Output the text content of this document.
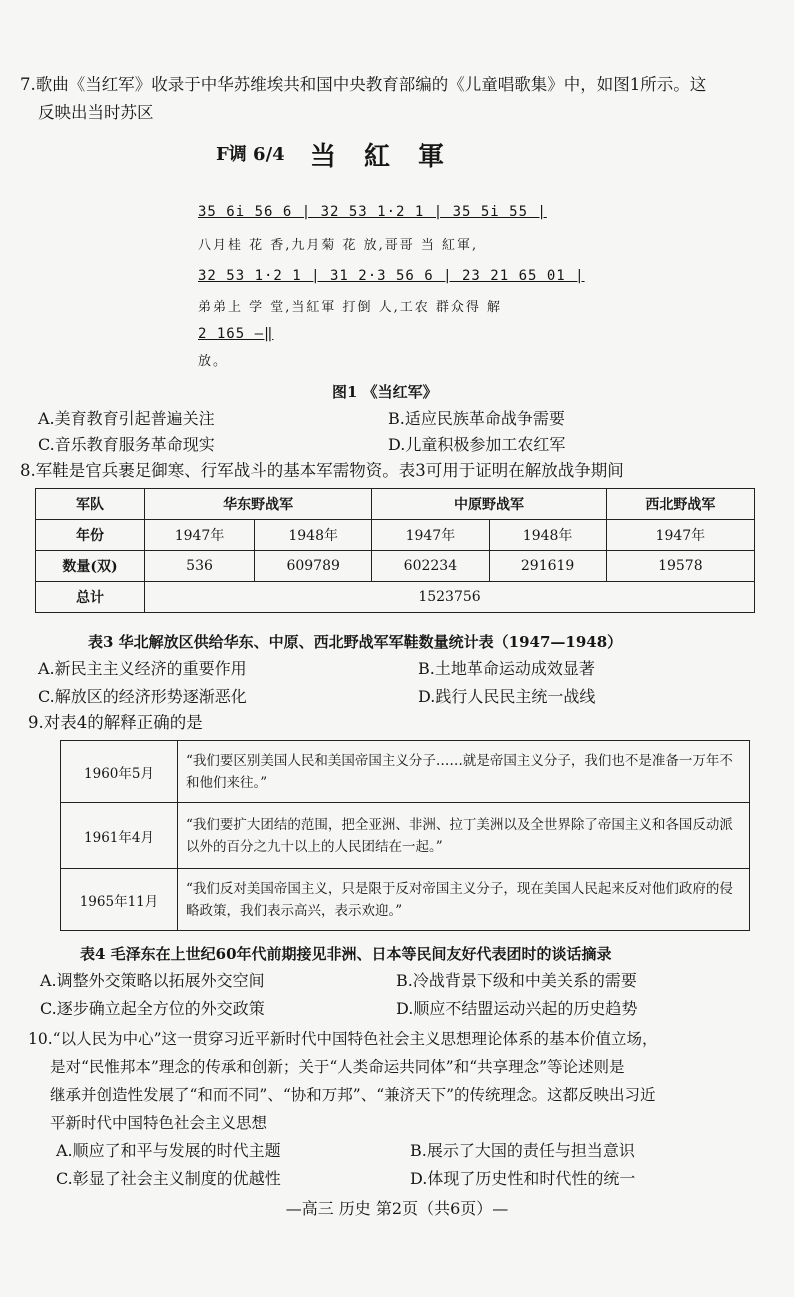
7.歌曲《当红军》收录于中华苏维埃共和国中央教育部编的《儿童唱歌集》中，如图1所示。这
反映出当时苏区
F调 6/4 当紅軍
35 6i 56 6 | 32 53 1·2 1 | 35 5i 55 |
八月桂 花 香,九月菊 花 放,哥哥 当 紅軍,
32 53 1·2 1 | 31 2·3 56 6 | 23 21 65 01 |
弟弟上 学 堂,当紅軍 打倒 人,工农 群众得 解
2 165 —‖
放。
图1 《当红军》
A.美育教育引起普遍关注	B.适应民族革命战争需要
C.音乐教育服务革命现实	D.儿童积极参加工农红军
8.军鞋是官兵裹足御寒、行军战斗的基本军需物资。表3可用于证明在解放战争期间
军队	华东野战军		中原野战军		西北野战军
年份	1947年	1948年	1947年	1948年	1947年
数量(双)	536	609789	602234	291619	19578
总计	1523756				
表3 华北解放区供给华东、中原、西北野战军军鞋数量统计表（1947—1948）
A.新民主主义经济的重要作用	B.土地革命运动成效显著
C.解放区的经济形势逐渐恶化	D.践行人民民主统一战线
9.对表4的解释正确的是
1960年5月	“我们要区别美国人民和美国帝国主义分子……就是帝国主义分子，我们也不是准备一万年不和他们来往。”
1961年4月	“我们要扩大团结的范围，把全亚洲、非洲、拉丁美洲以及全世界除了帝国主义和各国反动派以外的百分之九十以上的人民团结在一起。”
1965年11月	“我们反对美国帝国主义，只是限于反对帝国主义分子，现在美国人民起来反对他们政府的侵略政策，我们表示高兴，表示欢迎。”
表4 毛泽东在上世纪60年代前期接见非洲、日本等民间友好代表团时的谈话摘录
A.调整外交策略以拓展外交空间	B.冷战背景下级和中美关系的需要
C.逐步确立起全方位的外交政策	D.顺应不结盟运动兴起的历史趋势
10.“以人民为中心”这一贯穿习近平新时代中国特色社会主义思想理论体系的基本价值立场，
是对“民惟邦本”理念的传承和创新；关于“人类命运共同体”和“共享理念”等论述则是
继承并创造性发展了“和而不同”、“协和万邦”、“兼济天下”的传统理念。这都反映出习近
平新时代中国特色社会主义思想
A.顺应了和平与发展的时代主题	B.展示了大国的责任与担当意识
C.彰显了社会主义制度的优越性	D.体现了历史性和时代性的统一
—高三 历史 第2页（共6页）—
